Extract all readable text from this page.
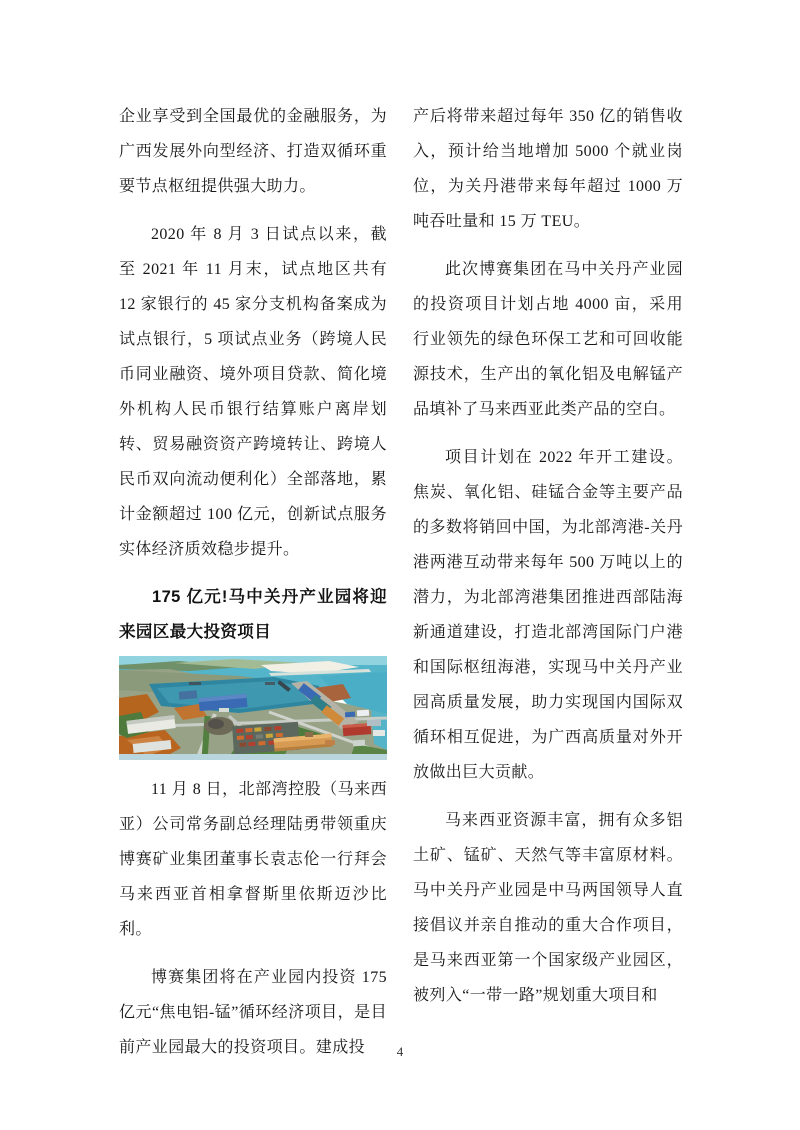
企业享受到全国最优的金融服务，为广西发展外向型经济、打造双循环重要节点枢纽提供强大助力。

2020 年 8 月 3 日试点以来，截至 2021 年 11 月末，试点地区共有 12 家银行的 45 家分支机构备案成为试点银行，5 项试点业务（跨境人民币同业融资、境外项目贷款、简化境外机构人民币银行结算账户离岸划转、贸易融资资产跨境转让、跨境人民币双向流动便利化）全部落地，累计金额超过 100 亿元，创新试点服务实体经济质效稳步提升。

175 亿元!马中关丹产业园将迎来园区最大投资项目

11 月 8 日，北部湾控股（马来西亚）公司常务副总经理陆勇带领重庆博赛矿业集团董事长袁志伦一行拜会马来西亚首相拿督斯里依斯迈沙比利。

博赛集团将在产业园内投资 175 亿元“焦电铝-锰”循环经济项目，是目前产业园最大的投资项目。建成投

产后将带来超过每年 350 亿的销售收入，预计给当地增加 5000 个就业岗位，为关丹港带来每年超过 1000 万吨吞吐量和 15 万 TEU。

此次博赛集团在马中关丹产业园的投资项目计划占地 4000 亩，采用行业领先的绿色环保工艺和可回收能源技术，生产出的氧化铝及电解锰产品填补了马来西亚此类产品的空白。

项目计划在 2022 年开工建设。焦炭、氧化铝、硅锰合金等主要产品的多数将销回中国，为北部湾港-关丹港两港互动带来每年 500 万吨以上的潜力，为北部湾港集团推进西部陆海新通道建设，打造北部湾国际门户港和国际枢纽海港，实现马中关丹产业园高质量发展，助力实现国内国际双循环相互促进，为广西高质量对外开放做出巨大贡献。

马来西亚资源丰富，拥有众多铝土矿、锰矿、天然气等丰富原材料。马中关丹产业园是中马两国领导人直接倡议并亲自推动的重大合作项目，是马来西亚第一个国家级产业园区，被列入“一带一路”规划重大项目和

4
